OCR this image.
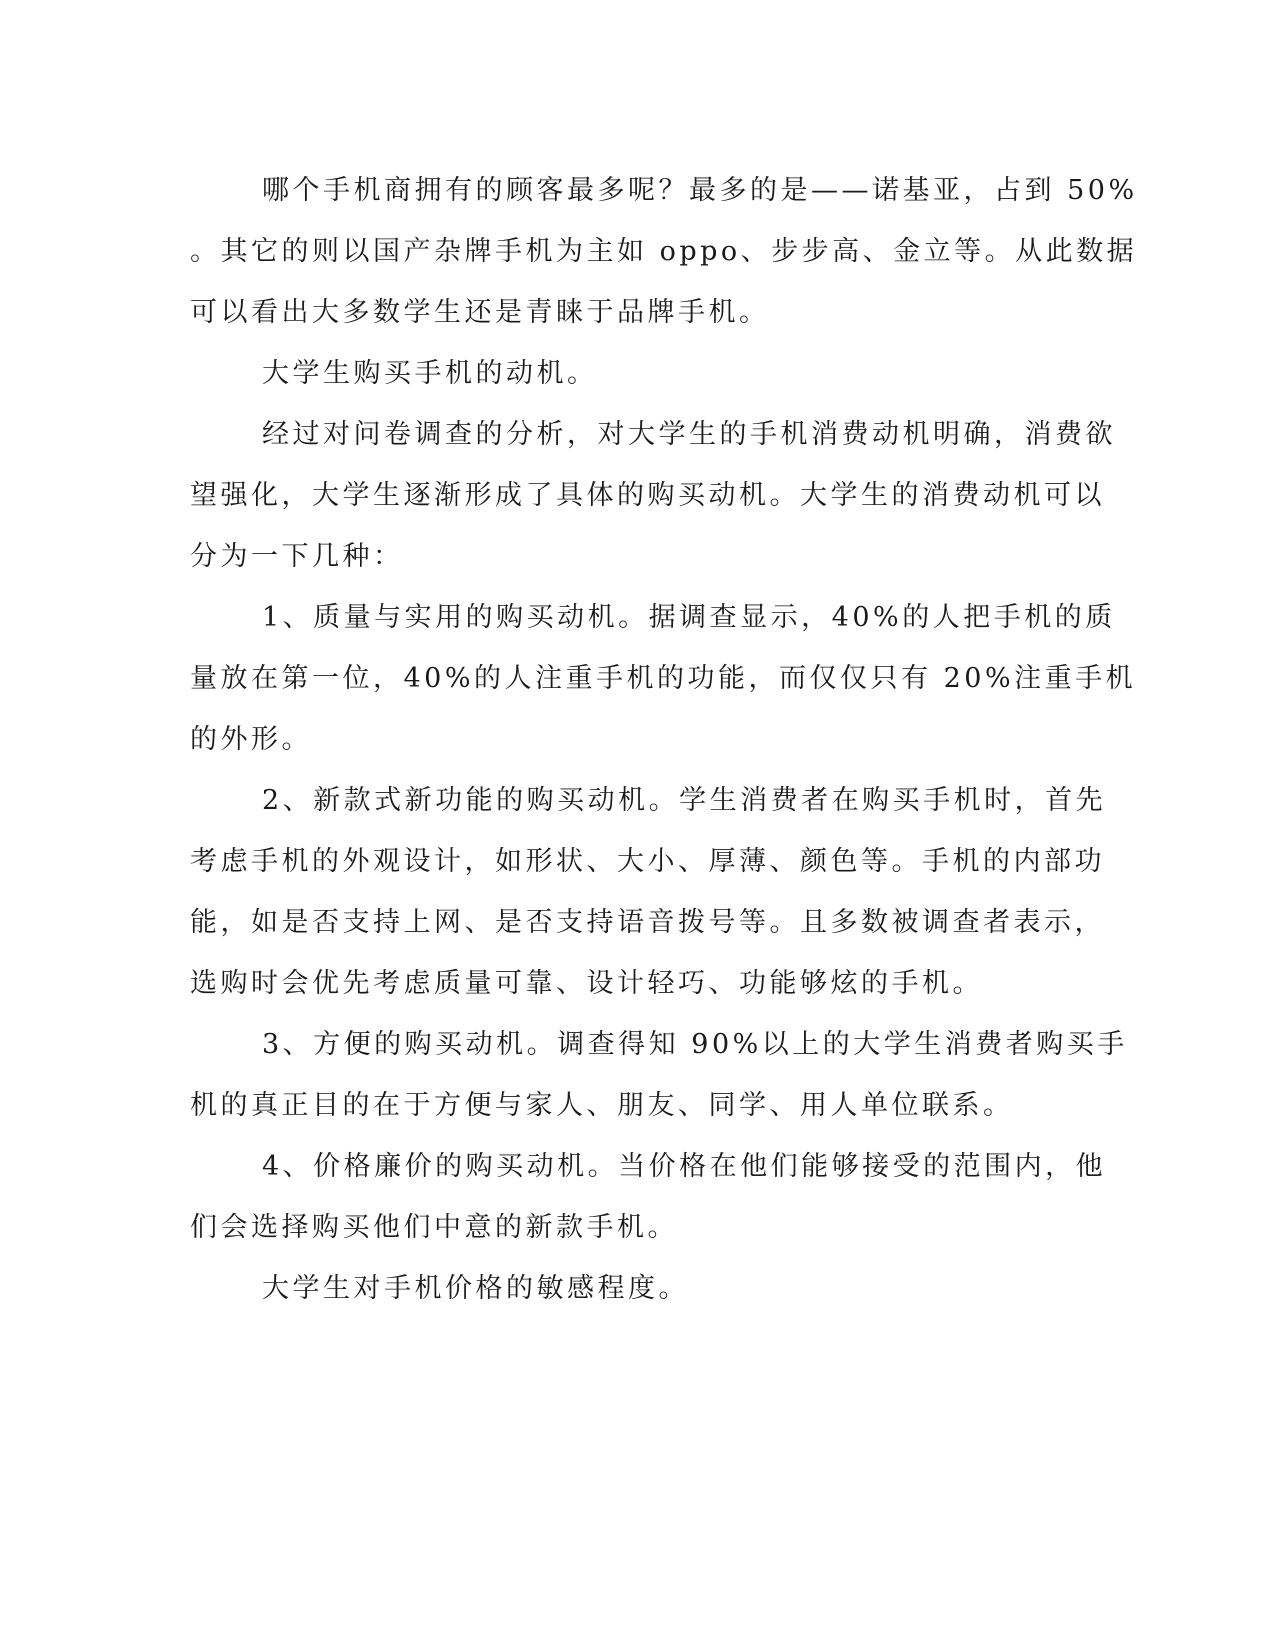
哪个手机商拥有的顾客最多呢？最多的是——诺基亚，占到 50%
。其它的则以国产杂牌手机为主如 oppo、步步高、金立等。从此数据
可以看出大多数学生还是青睐于品牌手机。

大学生购买手机的动机。

经过对问卷调查的分析，对大学生的手机消费动机明确，消费欲
望强化，大学生逐渐形成了具体的购买动机。大学生的消费动机可以
分为一下几种：

1、质量与实用的购买动机。据调查显示，40%的人把手机的质
量放在第一位，40%的人注重手机的功能，而仅仅只有 20%注重手机
的外形。

2、新款式新功能的购买动机。学生消费者在购买手机时，首先
考虑手机的外观设计，如形状、大小、厚薄、颜色等。手机的内部功
能，如是否支持上网、是否支持语音拨号等。且多数被调查者表示，
选购时会优先考虑质量可靠、设计轻巧、功能够炫的手机。

3、方便的购买动机。调查得知 90%以上的大学生消费者购买手
机的真正目的在于方便与家人、朋友、同学、用人单位联系。

4、价格廉价的购买动机。当价格在他们能够接受的范围内，他
们会选择购买他们中意的新款手机。

大学生对手机价格的敏感程度。
